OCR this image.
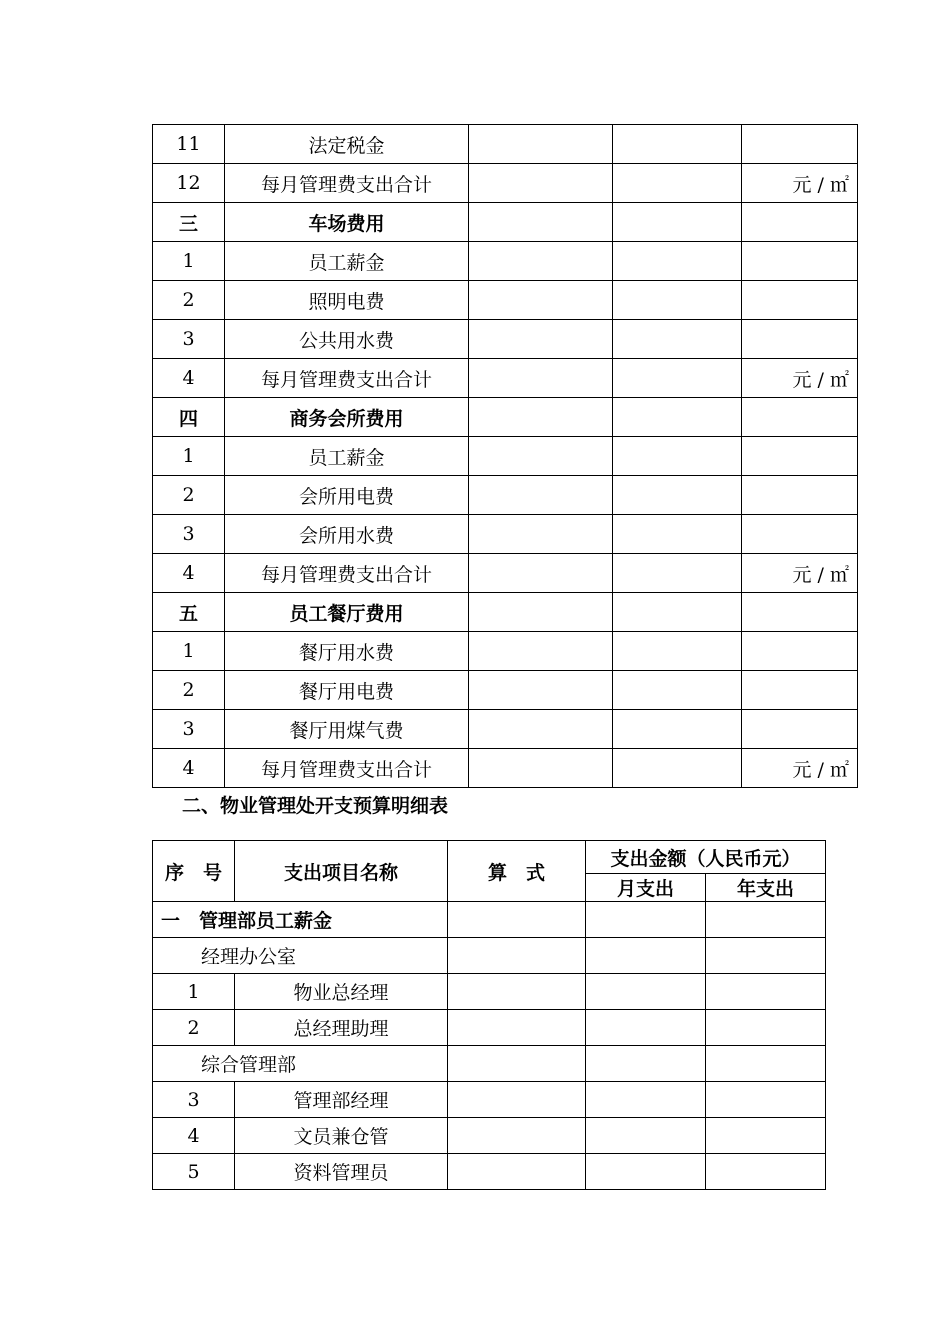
11	法定税金			
12	每月管理费支出合计			元 / ㎡
三	车场费用			
1	员工薪金			
2	照明电费			
3	公共用水费			
4	每月管理费支出合计			元 / ㎡
四	商务会所费用			
1	员工薪金			
2	会所用电费			
3	会所用水费			
4	每月管理费支出合计			元 / ㎡
五	员工餐厅费用			
1	餐厅用水费			
2	餐厅用电费			
3	餐厅用煤气费			
4	每月管理费支出合计			元 / ㎡
二、物业管理处开支预算明细表
序　号	支出项目名称	算　式	支出金额（人民币元）	
			月支出	年支出
一　管理部员工薪金				
经理办公室				
1	物业总经理			
2	总经理助理			
综合管理部				
3	管理部经理			
4	文员兼仓管			
5	资料管理员			
